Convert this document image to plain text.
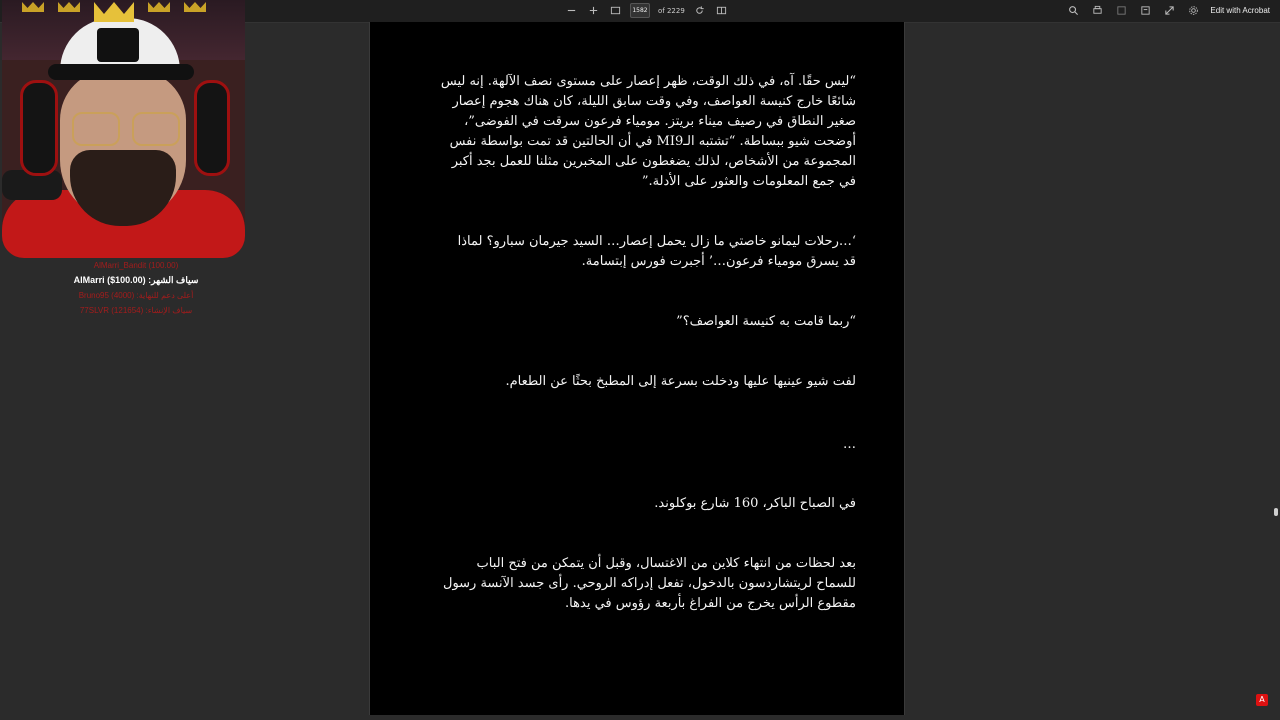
1582	of 2229	Edit with Acrobat
“ليس حقًا. آه، في ذلك الوقت، ظهر إعصار على مستوى نصف الآلهة. إنه ليس
شائعًا خارج كنيسة العواصف، وفي وقت سابق الليلة، كان هناك هجوم إعصار
صغير النطاق في رصيف ميناء بريتز. مومياء فرعون سرقت في الفوضى”،
أوضحت شيو ببساطة. “تشتبه الـMI9 في أن الحالتين قد تمت بواسطة نفس
المجموعة من الأشخاص، لذلك يضغطون على المخبرين مثلنا للعمل بجد أكبر
في جمع المعلومات والعثور على الأدلة.”
‘…رحلات ليمانو خاصتي ما زال يحمل إعصار… السيد جيرمان سبارو؟ لماذا
قد يسرق مومياء فرعون…’ أجبرت فورس إبتسامة.
“ربما قامت به كنيسة العواصف؟”
لفت شيو عينيها عليها ودخلت بسرعة إلى المطبخ بحثًا عن الطعام.
…
في الصباح الباكر، 160 شارع بوكلوند.
بعد لحظات من انتهاء كلاين من الاغتسال، وقبل أن يتمكن من فتح الباب
للسماح لريتشاردسون بالدخول، تفعل إدراكه الروحي. رأى جسد الآنسة رسول
مقطوع الرأس يخرج من الفراغ بأربعة رؤوس في يدها.
AlMarri_Bandit (100.00)
سياف الشهر: AlMarri ($100.00)
أعلى دعم للنهاية: Bruno95 (4000)
سياف الإنشاء: 77SLVR (121654)
A
